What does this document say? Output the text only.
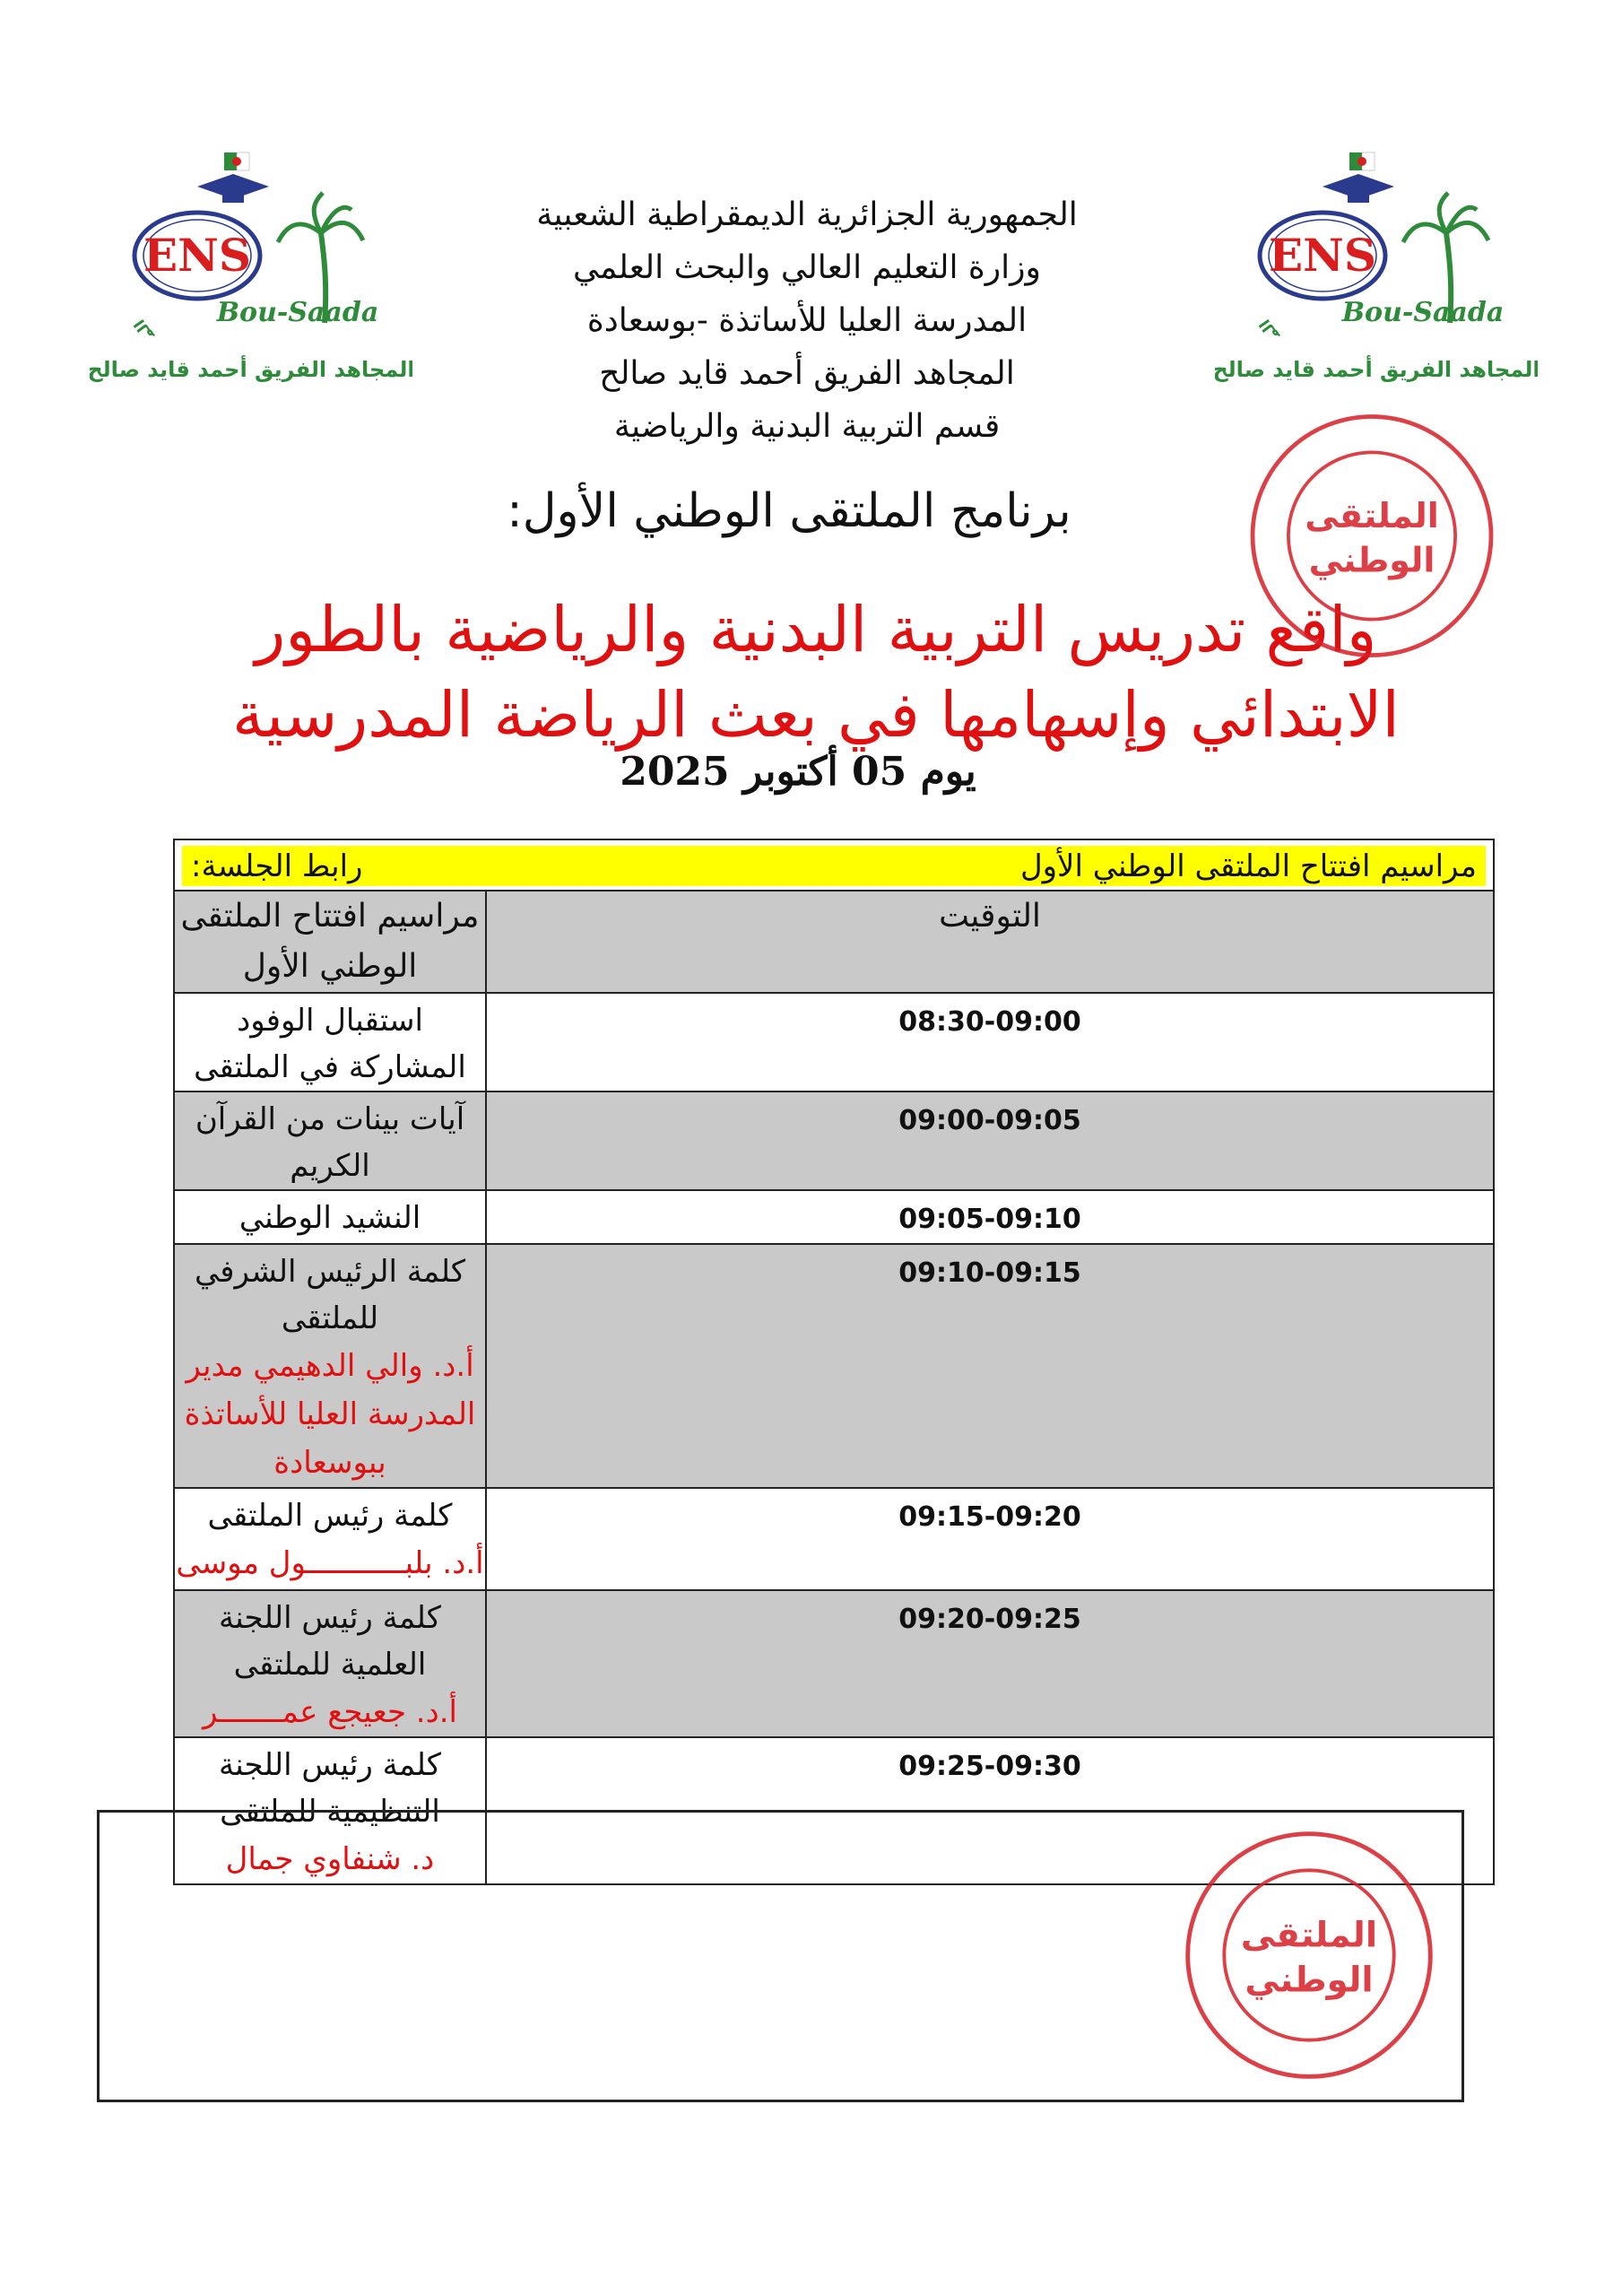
الم
ENS
Bou-Saada
المجاهد الفريق أحمد قايد صالح
الم
ENS
Bou-Saada
المجاهد الفريق أحمد قايد صالح
الجمهورية الجزائرية الديمقراطية الشعبية
وزارة التعليم العالي والبحث العلمي
المدرسة العليا للأساتذة -بوسعادة
المجاهد الفريق أحمد قايد صالح
قسم التربية البدنية والرياضية
برنامج الملتقى الوطني الأول:
واقع تدريس التربية البدنية والرياضية بالطور
الابتدائي وإسهامها في بعث الرياضة المدرسية
يوم 05 أكتوبر 2025
الملتقى
الوطني
مراسيم افتتاح الملتقى الوطني الأول
رابط الجلسة:	

التوقيت	مراسيم افتتاح الملتقى الوطني الأول
08:30-09:00	استقبال الوفود المشاركة في الملتقى

09:00-09:05	آيات بينات من القرآن الكريم

09:05-09:10	النشيد الوطني

09:10-09:15	كلمة الرئيس الشرفي للملتقى
أ.د. والي الدهيمي مدير المدرسة العليا للأساتذة ببوسعادة

09:15-09:20	كلمة رئيس الملتقى
أ.د. بلبـــــــــــول موسى

09:20-09:25	كلمة رئيس اللجنة العلمية للملتقى
أ.د. جعيجع عمـــــــر

09:25-09:30	كلمة رئيس اللجنة التنظيمية للملتقى
د. شنفاوي جمال
الملتقى
الوطني
